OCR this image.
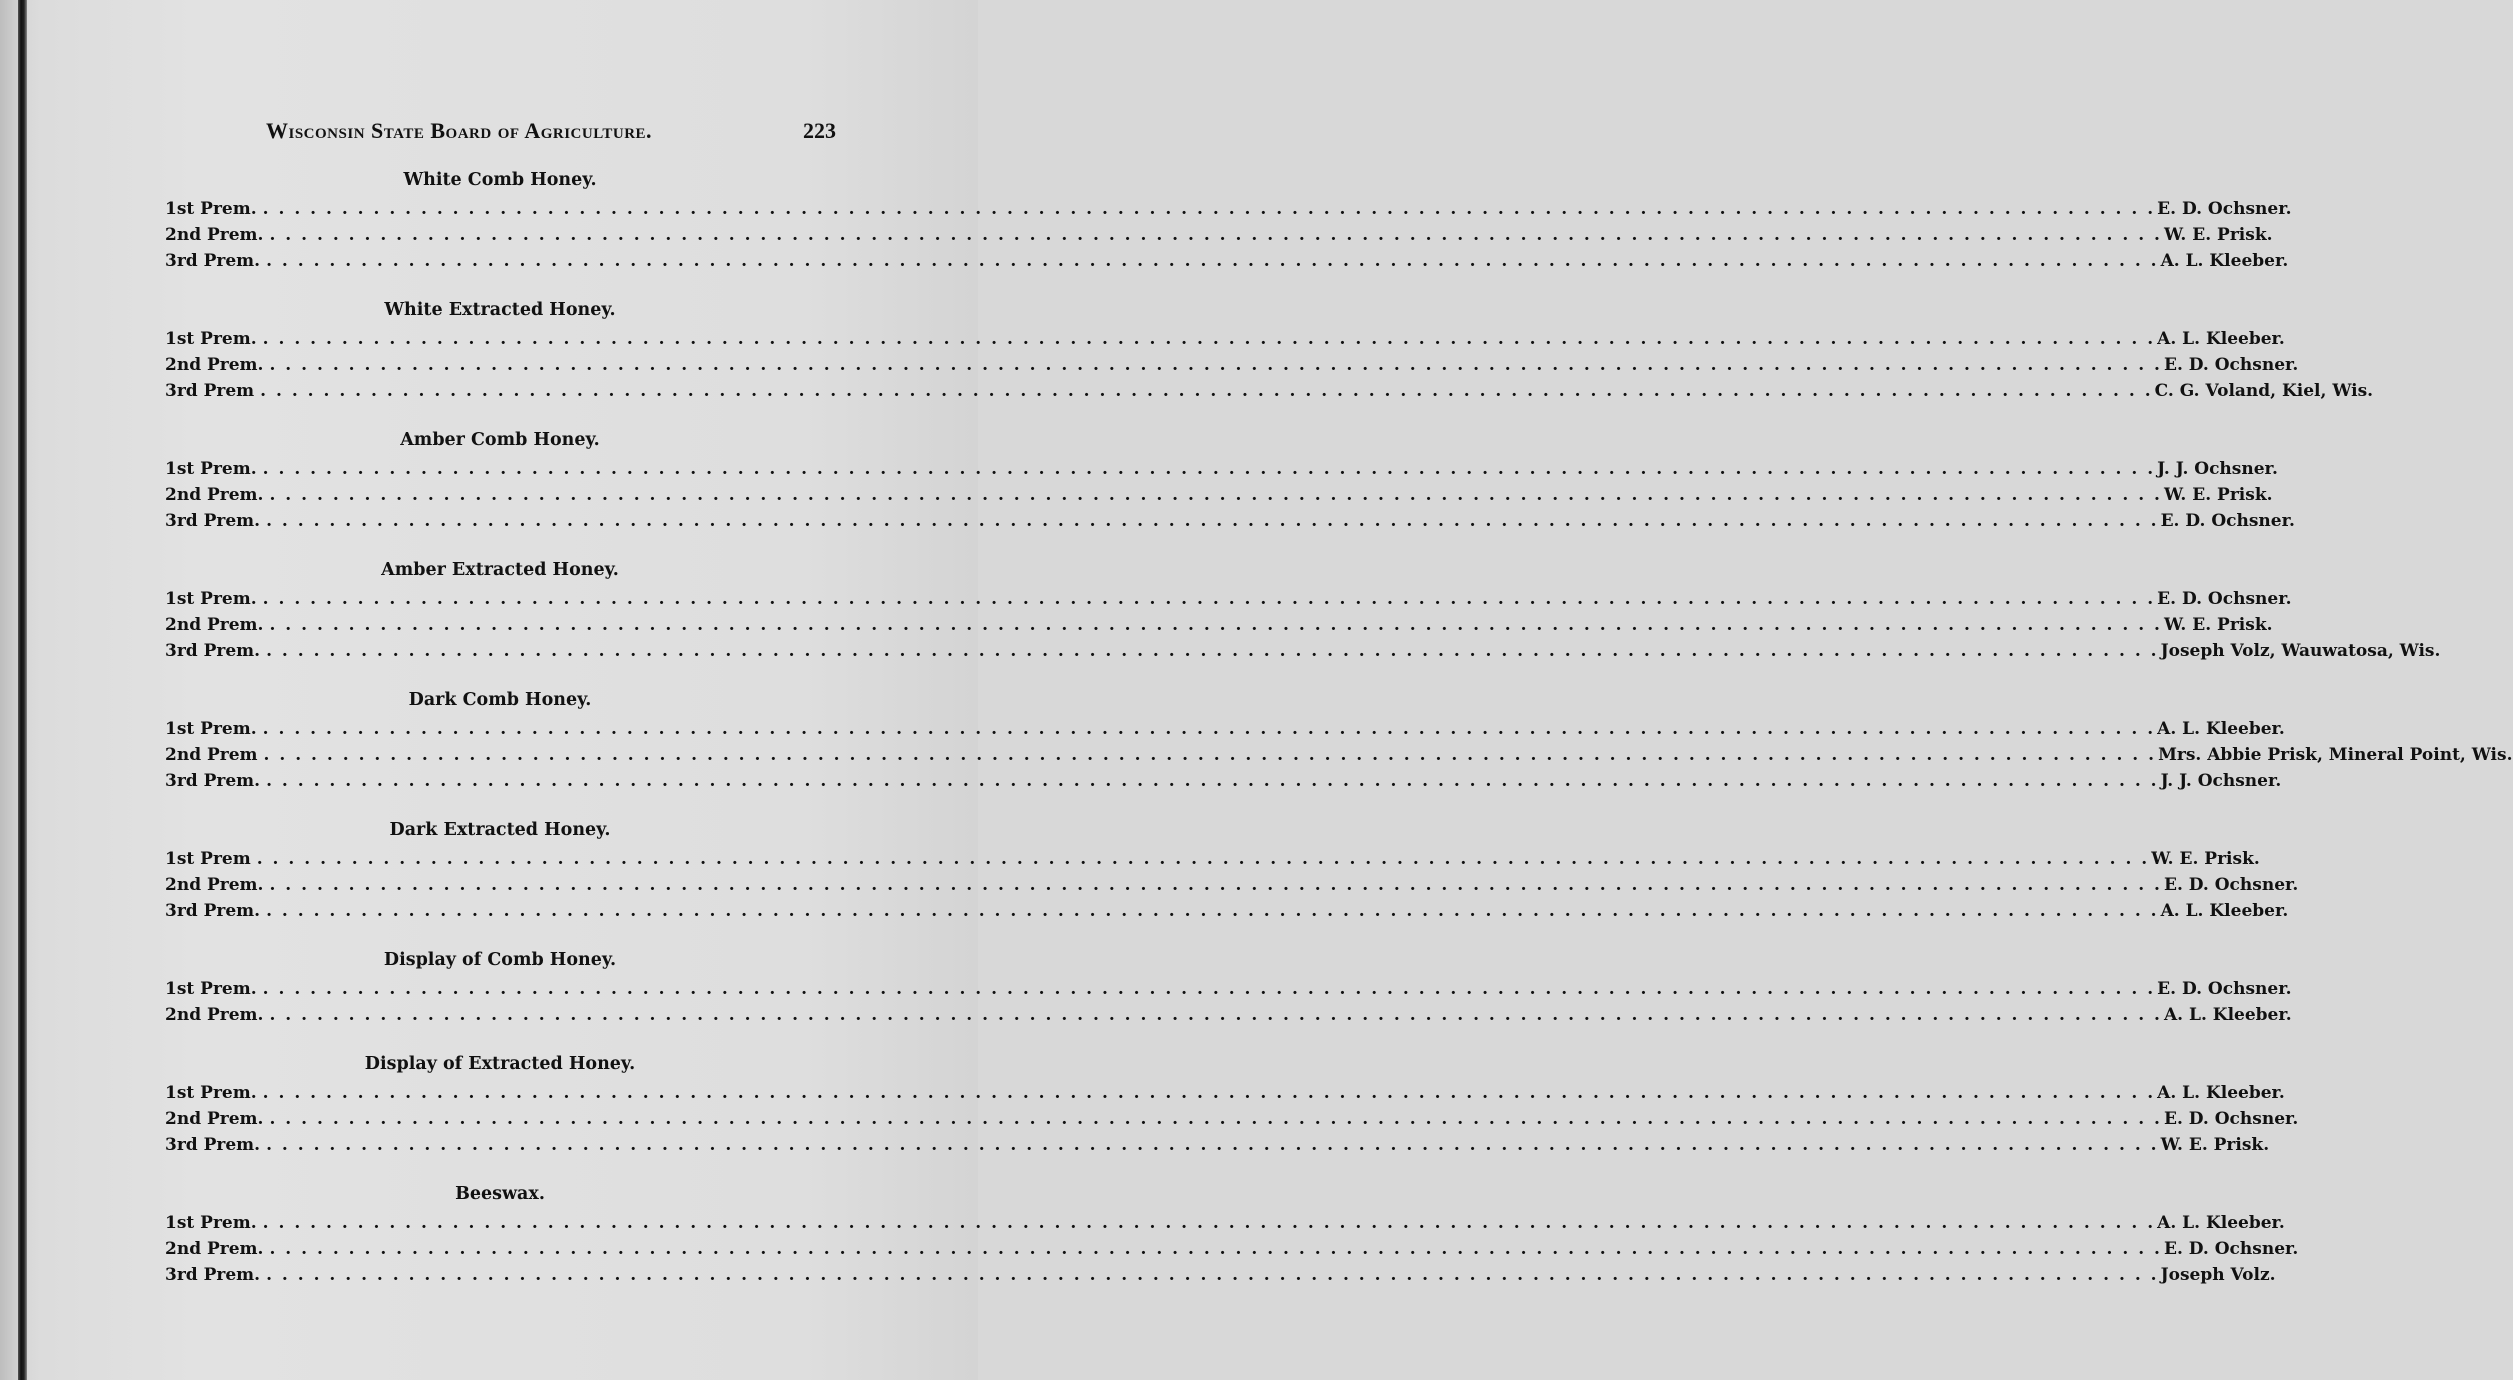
Wisconsin State Board of Agriculture.	223
White Comb Honey.
1st Prem. . . . . . . . . . . . . . . . . . . . . . . . . . . . . . . . . . . . . . . . . . . . . . . . . . . . . . . . . . . . . . . . . . . . . . . . . . . . . . . . . . . . . . . . . . . . . . . . . . . . . . . . . . . . . . . . . . . . . . . . . E. D. Ochsner.
2nd Prem. . . . . . . . . . . . . . . . . . . . . . . . . . . . . . . . . . . . . . . . . . . . . . . . . . . . . . . . . . . . . . . . . . . . . . . . . . . . . . . . . . . . . . . . . . . . . . . . . . . . . . . . . . . . . . . . . . . . . . . . . W. E. Prisk.
3rd Prem. . . . . . . . . . . . . . . . . . . . . . . . . . . . . . . . . . . . . . . . . . . . . . . . . . . . . . . . . . . . . . . . . . . . . . . . . . . . . . . . . . . . . . . . . . . . . . . . . . . . . . . . . . . . . . . . . . . . . . . . . A. L. Kleeber.
White Extracted Honey.
1st Prem. . . . . . . . . . . . . . . . . . . . . . . . . . . . . . . . . . . . . . . . . . . . . . . . . . . . . . . . . . . . . . . . . . . . . . . . . . . . . . . . . . . . . . . . . . . . . . . . . . . . . . . . . . . . . . . . . . . . . . . . . A. L. Kleeber.
2nd Prem. . . . . . . . . . . . . . . . . . . . . . . . . . . . . . . . . . . . . . . . . . . . . . . . . . . . . . . . . . . . . . . . . . . . . . . . . . . . . . . . . . . . . . . . . . . . . . . . . . . . . . . . . . . . . . . . . . . . . . . . . E. D. Ochsner.
3rd Prem . . . . . . . . . . . . . . . . . . . . . . . . . . . . . . . . . . . . . . . . . . . . . . . . . . . . . . . . . . . . . . . . . . . . . . . . . . . . . . . . . . . . . . . . . . . . . . . . . . . . . . . . . . . . . . . . . . . . . . . . C. G. Voland, Kiel, Wis.
Amber Comb Honey.
1st Prem. . . . . . . . . . . . . . . . . . . . . . . . . . . . . . . . . . . . . . . . . . . . . . . . . . . . . . . . . . . . . . . . . . . . . . . . . . . . . . . . . . . . . . . . . . . . . . . . . . . . . . . . . . . . . . . . . . . . . . . . . J. J. Ochsner.
2nd Prem. . . . . . . . . . . . . . . . . . . . . . . . . . . . . . . . . . . . . . . . . . . . . . . . . . . . . . . . . . . . . . . . . . . . . . . . . . . . . . . . . . . . . . . . . . . . . . . . . . . . . . . . . . . . . . . . . . . . . . . . . W. E. Prisk.
3rd Prem. . . . . . . . . . . . . . . . . . . . . . . . . . . . . . . . . . . . . . . . . . . . . . . . . . . . . . . . . . . . . . . . . . . . . . . . . . . . . . . . . . . . . . . . . . . . . . . . . . . . . . . . . . . . . . . . . . . . . . . . . E. D. Ochsner.
Amber Extracted Honey.
1st Prem. . . . . . . . . . . . . . . . . . . . . . . . . . . . . . . . . . . . . . . . . . . . . . . . . . . . . . . . . . . . . . . . . . . . . . . . . . . . . . . . . . . . . . . . . . . . . . . . . . . . . . . . . . . . . . . . . . . . . . . . . E. D. Ochsner.
2nd Prem. . . . . . . . . . . . . . . . . . . . . . . . . . . . . . . . . . . . . . . . . . . . . . . . . . . . . . . . . . . . . . . . . . . . . . . . . . . . . . . . . . . . . . . . . . . . . . . . . . . . . . . . . . . . . . . . . . . . . . . . . W. E. Prisk.
3rd Prem. . . . . . . . . . . . . . . . . . . . . . . . . . . . . . . . . . . . . . . . . . . . . . . . . . . . . . . . . . . . . . . . . . . . . . . . . . . . . . . . . . . . . . . . . . . . . . . . . . . . . . . . . . . . . . . . . . . . . . . . . Joseph Volz, Wauwatosa, Wis.
Dark Comb Honey.
1st Prem. . . . . . . . . . . . . . . . . . . . . . . . . . . . . . . . . . . . . . . . . . . . . . . . . . . . . . . . . . . . . . . . . . . . . . . . . . . . . . . . . . . . . . . . . . . . . . . . . . . . . . . . . . . . . . . . . . . . . . . . . A. L. Kleeber.
2nd Prem . . . . . . . . . . . . . . . . . . . . . . . . . . . . . . . . . . . . . . . . . . . . . . . . . . . . . . . . . . . . . . . . . . . . . . . . . . . . . . . . . . . . . . . . . . . . . . . . . . . . . . . . . . . . . . . . . . . . . . . . Mrs. Abbie Prisk, Mineral Point, Wis.
3rd Prem. . . . . . . . . . . . . . . . . . . . . . . . . . . . . . . . . . . . . . . . . . . . . . . . . . . . . . . . . . . . . . . . . . . . . . . . . . . . . . . . . . . . . . . . . . . . . . . . . . . . . . . . . . . . . . . . . . . . . . . . . J. J. Ochsner.
Dark Extracted Honey.
1st Prem . . . . . . . . . . . . . . . . . . . . . . . . . . . . . . . . . . . . . . . . . . . . . . . . . . . . . . . . . . . . . . . . . . . . . . . . . . . . . . . . . . . . . . . . . . . . . . . . . . . . . . . . . . . . . . . . . . . . . . . . W. E. Prisk.
2nd Prem. . . . . . . . . . . . . . . . . . . . . . . . . . . . . . . . . . . . . . . . . . . . . . . . . . . . . . . . . . . . . . . . . . . . . . . . . . . . . . . . . . . . . . . . . . . . . . . . . . . . . . . . . . . . . . . . . . . . . . . . . E. D. Ochsner.
3rd Prem. . . . . . . . . . . . . . . . . . . . . . . . . . . . . . . . . . . . . . . . . . . . . . . . . . . . . . . . . . . . . . . . . . . . . . . . . . . . . . . . . . . . . . . . . . . . . . . . . . . . . . . . . . . . . . . . . . . . . . . . . A. L. Kleeber.
Display of Comb Honey.
1st Prem. . . . . . . . . . . . . . . . . . . . . . . . . . . . . . . . . . . . . . . . . . . . . . . . . . . . . . . . . . . . . . . . . . . . . . . . . . . . . . . . . . . . . . . . . . . . . . . . . . . . . . . . . . . . . . . . . . . . . . . . . E. D. Ochsner.
2nd Prem. . . . . . . . . . . . . . . . . . . . . . . . . . . . . . . . . . . . . . . . . . . . . . . . . . . . . . . . . . . . . . . . . . . . . . . . . . . . . . . . . . . . . . . . . . . . . . . . . . . . . . . . . . . . . . . . . . . . . . . . . A. L. Kleeber.
Display of Extracted Honey.
1st Prem. . . . . . . . . . . . . . . . . . . . . . . . . . . . . . . . . . . . . . . . . . . . . . . . . . . . . . . . . . . . . . . . . . . . . . . . . . . . . . . . . . . . . . . . . . . . . . . . . . . . . . . . . . . . . . . . . . . . . . . . . A. L. Kleeber.
2nd Prem. . . . . . . . . . . . . . . . . . . . . . . . . . . . . . . . . . . . . . . . . . . . . . . . . . . . . . . . . . . . . . . . . . . . . . . . . . . . . . . . . . . . . . . . . . . . . . . . . . . . . . . . . . . . . . . . . . . . . . . . . E. D. Ochsner.
3rd Prem. . . . . . . . . . . . . . . . . . . . . . . . . . . . . . . . . . . . . . . . . . . . . . . . . . . . . . . . . . . . . . . . . . . . . . . . . . . . . . . . . . . . . . . . . . . . . . . . . . . . . . . . . . . . . . . . . . . . . . . . . W. E. Prisk.
Beeswax.
1st Prem. . . . . . . . . . . . . . . . . . . . . . . . . . . . . . . . . . . . . . . . . . . . . . . . . . . . . . . . . . . . . . . . . . . . . . . . . . . . . . . . . . . . . . . . . . . . . . . . . . . . . . . . . . . . . . . . . . . . . . . . . A. L. Kleeber.
2nd Prem. . . . . . . . . . . . . . . . . . . . . . . . . . . . . . . . . . . . . . . . . . . . . . . . . . . . . . . . . . . . . . . . . . . . . . . . . . . . . . . . . . . . . . . . . . . . . . . . . . . . . . . . . . . . . . . . . . . . . . . . . E. D. Ochsner.
3rd Prem. . . . . . . . . . . . . . . . . . . . . . . . . . . . . . . . . . . . . . . . . . . . . . . . . . . . . . . . . . . . . . . . . . . . . . . . . . . . . . . . . . . . . . . . . . . . . . . . . . . . . . . . . . . . . . . . . . . . . . . . . Joseph Volz.
